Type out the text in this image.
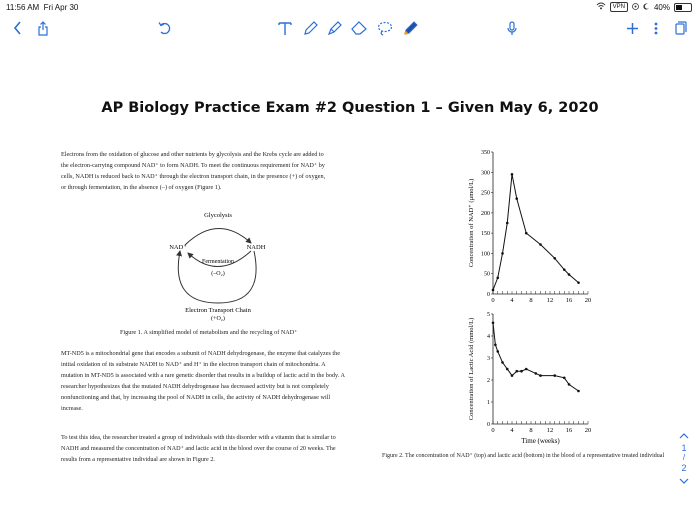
11:56 AM Fri Apr 30	VPN	40%
AP Biology Practice Exam #2 Question 1 – Given May 6, 2020
Electrons from the oxidation of glucose and other nutrients by glycolysis and the Krebs cycle are added to
the electron-carrying compound NAD⁺ to form NADH. To meet the continuous requirement for NAD⁺ by
cells, NADH is reduced back to NAD⁺ through the electron transport chain, in the presence (+) of oxygen,
or through fermentation, in the absence (–) of oxygen (Figure 1).
Glycolysis
NAD⁺	NADH
Fermentation
(–O₂)
Electron Transport Chain
(+O₂)
Figure 1. A simplified model of metabolism and the recycling of NAD⁺
MT-ND5 is a mitochondrial gene that encodes a subunit of NADH dehydrogenase, the enzyme that catalyzes the
initial oxidation of its substrate NADH to NAD⁺ and H⁺ in the electron transport chain of mitochondria. A
mutation in MT-ND5 is associated with a rare genetic disorder that results in a buildup of lactic acid in the body. A
researcher hypothesizes that the mutated NADH dehydrogenase has decreased activity but is not completely
nonfunctioning and that, by increasing the pool of NADH in cells, the activity of NADH dehydrogenase will
increase.
To test this idea, the researcher treated a group of individuals with this disorder with a vitamin that is similar to
NADH and measured the concentration of NAD⁺ and lactic acid in the blood over the course of 20 weeks. The
results from a representative individual are shown in Figure 2.
0
50
100
150
200
250
300
350
0 4 8 12 16 20
Concentration of NAD⁺ (µmol/L)
0
1
2
3
4
5
0 4 8 12 16 20
Concentration of Lactic Acid (mmol/L)
Time (weeks)
Figure 2. The concentration of NAD⁺ (top) and lactic acid (bottom) in the blood of a representative treated individual
1
/
2
